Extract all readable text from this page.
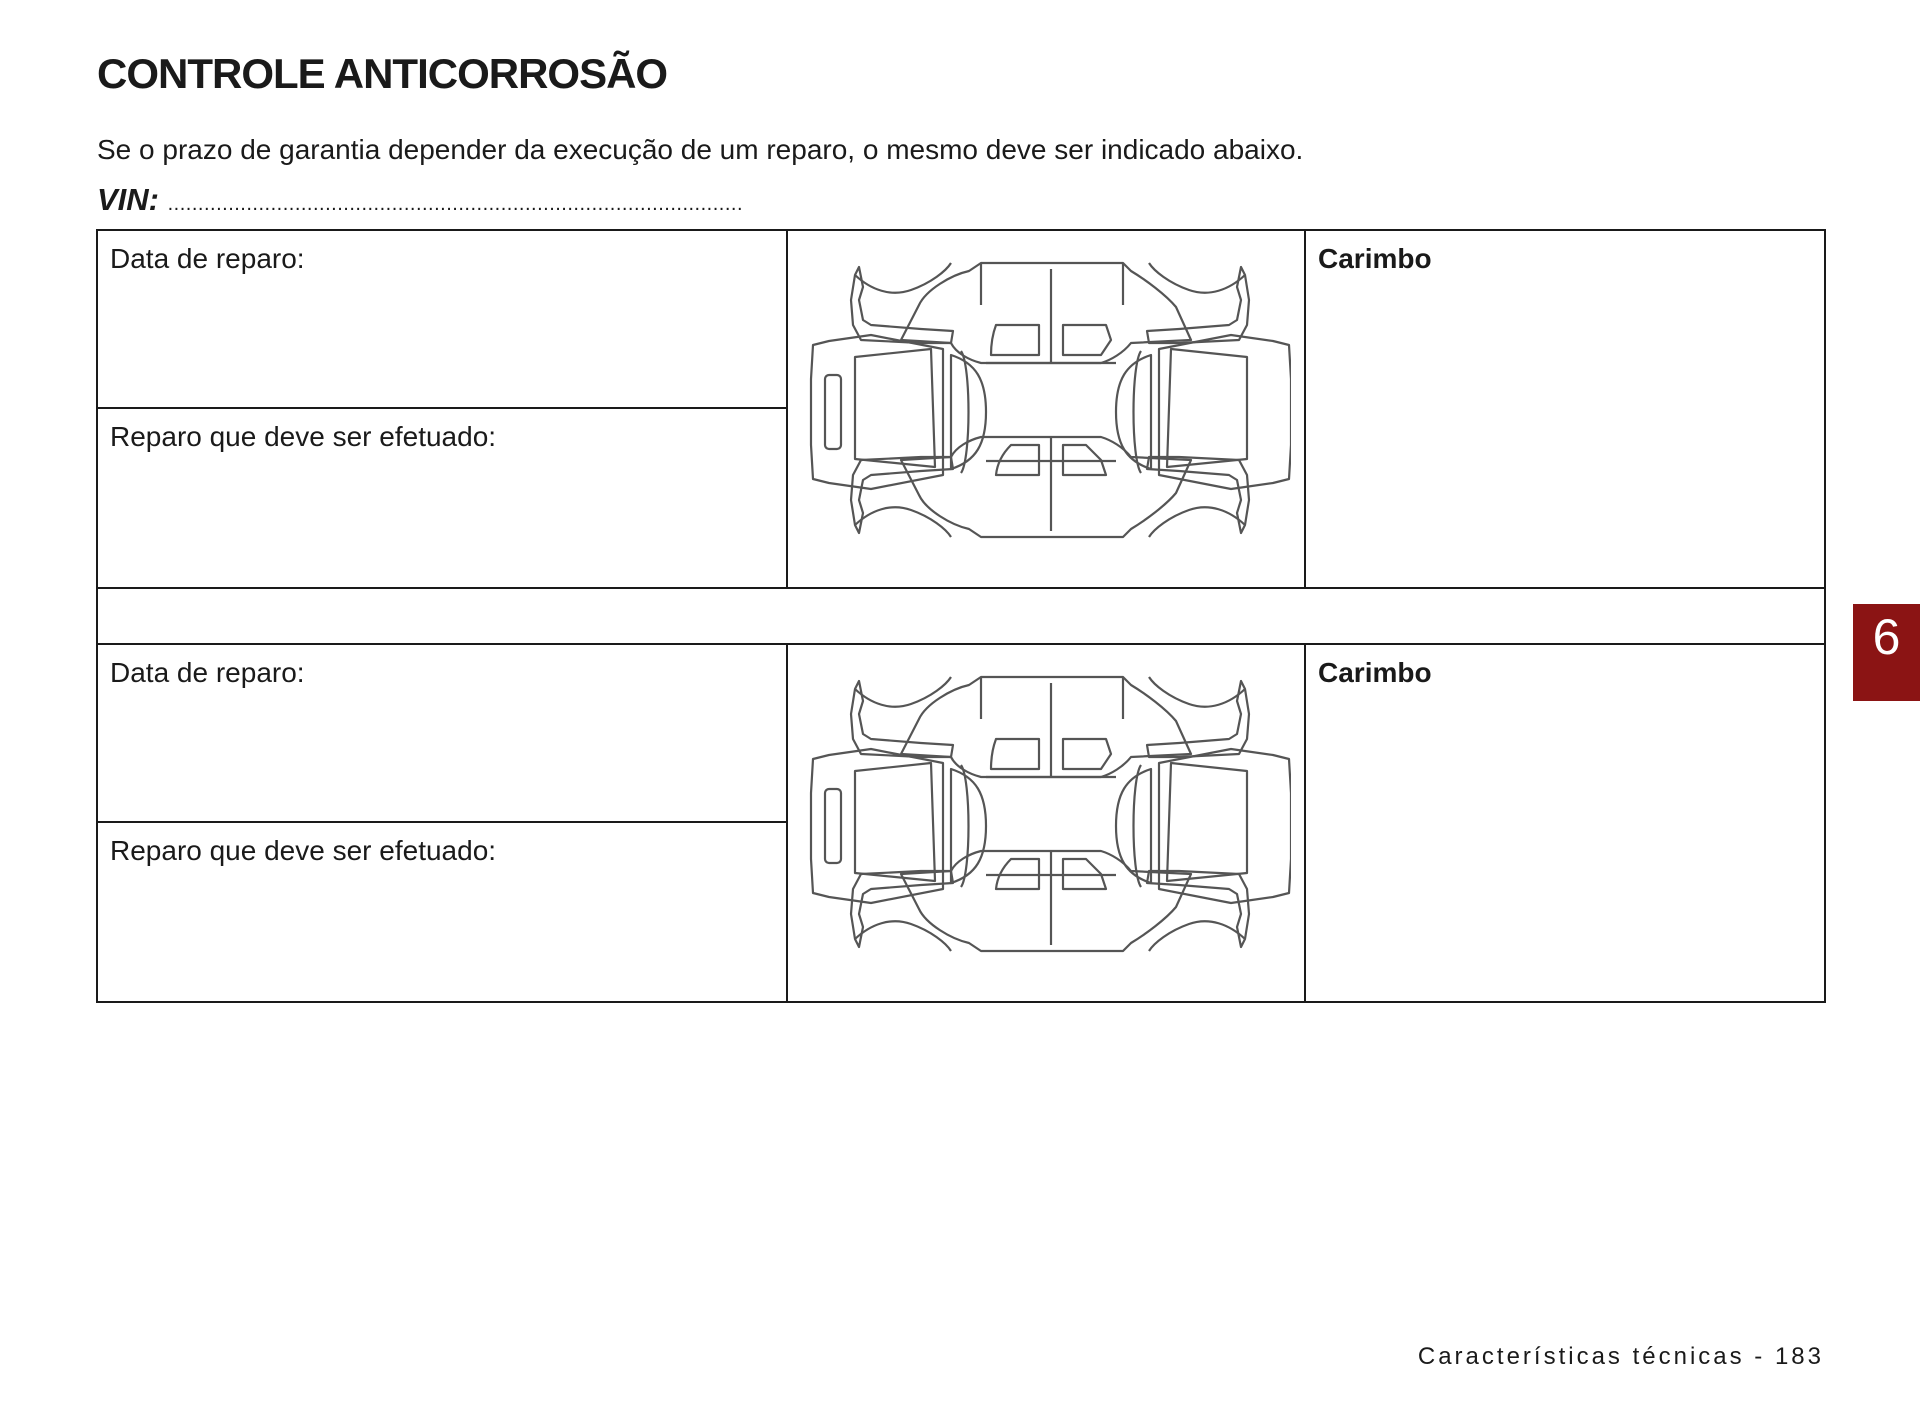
CONTROLE ANTICORROSÃO

Se o prazo de garantia depender da execução de um reparo, o mesmo deve ser indicado abaixo.

VIN: ...............................................................................................
Data de reparo:		Carimbo
Reparo que deve ser efetuado:		

Data de reparo:		Carimbo
Reparo que deve ser efetuado:		
6
Características técnicas - 183
